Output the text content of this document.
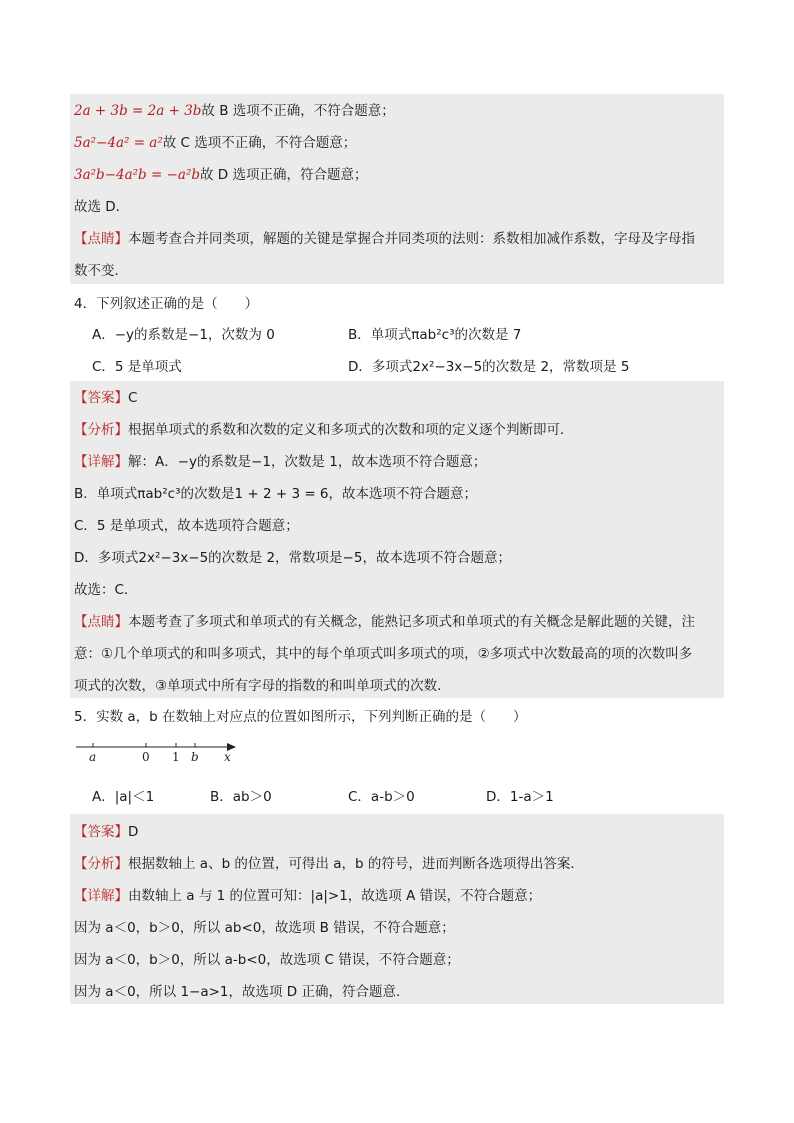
2a + 3b = 2a + 3b故 B 选项不正确，不符合题意；
5a²−4a² = a²故 C 选项不正确，不符合题意；
3a²b−4a²b = −a²b故 D 选项正确，符合题意；
故选 D．
【点睛】本题考查合并同类项，解题的关键是掌握合并同类项的法则：系数相加减作系数，字母及字母指
数不变．
4．下列叙述正确的是（　　）
A．−y的系数是−1，次数为 0	B．单项式πab²c³的次数是 7
C．5 是单项式	D．多项式2x²−3x−5的次数是 2，常数项是 5
【答案】C
【分析】根据单项式的系数和次数的定义和多项式的次数和项的定义逐个判断即可．
【详解】解：A．−y的系数是−1，次数是 1，故本选项不符合题意；
B．单项式πab²c³的次数是1 + 2 + 3 = 6，故本选项不符合题意；
C．5 是单项式，故本选项符合题意；
D．多项式2x²−3x−5的次数是 2，常数项是−5，故本选项不符合题意；
故选：C．
【点睛】本题考查了多项式和单项式的有关概念，能熟记多项式和单项式的有关概念是解此题的关键，注
意：①几个单项式的和叫多项式，其中的每个单项式叫多项式的项，②多项式中次数最高的项的次数叫多
项式的次数，③单项式中所有字母的指数的和叫单项式的次数．
5．实数 a，b 在数轴上对应点的位置如图所示，下列判断正确的是（　　）
a	0 1 b x
A．|a|＜1	B．ab＞0	C．a-b＞0	D．1-a＞1
【答案】D
【分析】根据数轴上 a、b 的位置，可得出 a，b 的符号，进而判断各选项得出答案．
【详解】由数轴上 a 与 1 的位置可知：|a|>1，故选项 A 错误，不符合题意；
因为 a＜0，b＞0，所以 ab<0，故选项 B 错误，不符合题意；
因为 a＜0，b＞0，所以 a-b<0，故选项 C 错误，不符合题意；
因为 a＜0，所以 1−a>1，故选项 D 正确，符合题意．
